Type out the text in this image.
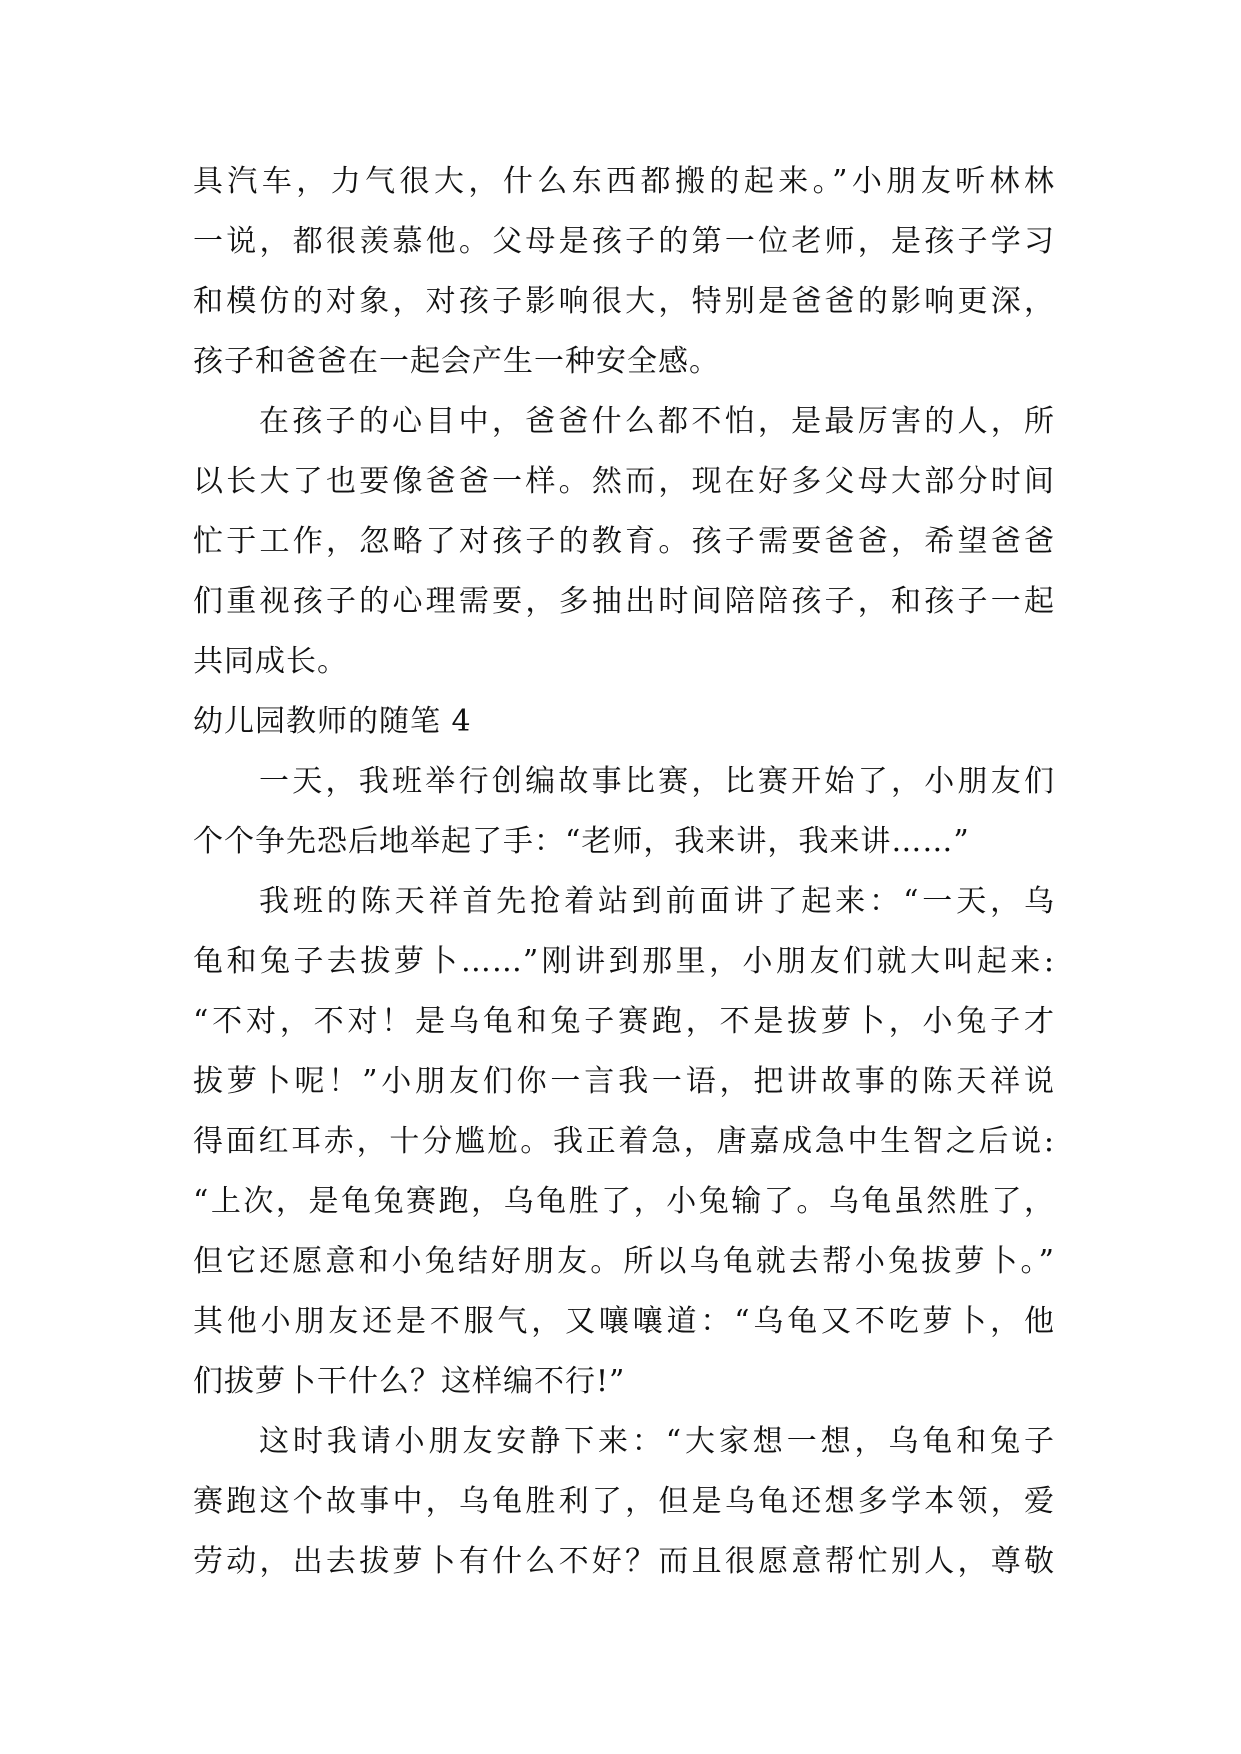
具汽车，力气很大，什么东西都搬的起来。”小朋友听林林
一说，都很羡慕他。父母是孩子的第一位老师，是孩子学习
和模仿的对象，对孩子影响很大，特别是爸爸的影响更深，
孩子和爸爸在一起会产生一种安全感。
在孩子的心目中，爸爸什么都不怕，是最厉害的人，所
以长大了也要像爸爸一样。然而，现在好多父母大部分时间
忙于工作，忽略了对孩子的教育。孩子需要爸爸，希望爸爸
们重视孩子的心理需要，多抽出时间陪陪孩子，和孩子一起
共同成长。
幼儿园教师的随笔 4
一天，我班举行创编故事比赛，比赛开始了，小朋友们
个个争先恐后地举起了手：“老师，我来讲，我来讲……”
我班的陈天祥首先抢着站到前面讲了起来：“一天，乌
龟和兔子去拔萝卜……”刚讲到那里，小朋友们就大叫起来:
“不对，不对！是乌龟和兔子赛跑，不是拔萝卜，小兔子才
拔萝卜呢！”小朋友们你一言我一语，把讲故事的陈天祥说
得面红耳赤，十分尴尬。我正着急，唐嘉成急中生智之后说:
“上次，是龟兔赛跑，乌龟胜了，小兔输了。乌龟虽然胜了，
但它还愿意和小兔结好朋友。所以乌龟就去帮小兔拔萝卜。”
其他小朋友还是不服气，又嚷嚷道：“乌龟又不吃萝卜，他
们拔萝卜干什么？这样编不行!”
这时我请小朋友安静下来：“大家想一想，乌龟和兔子
赛跑这个故事中，乌龟胜利了，但是乌龟还想多学本领，爱
劳动，出去拔萝卜有什么不好？而且很愿意帮忙别人，尊敬
